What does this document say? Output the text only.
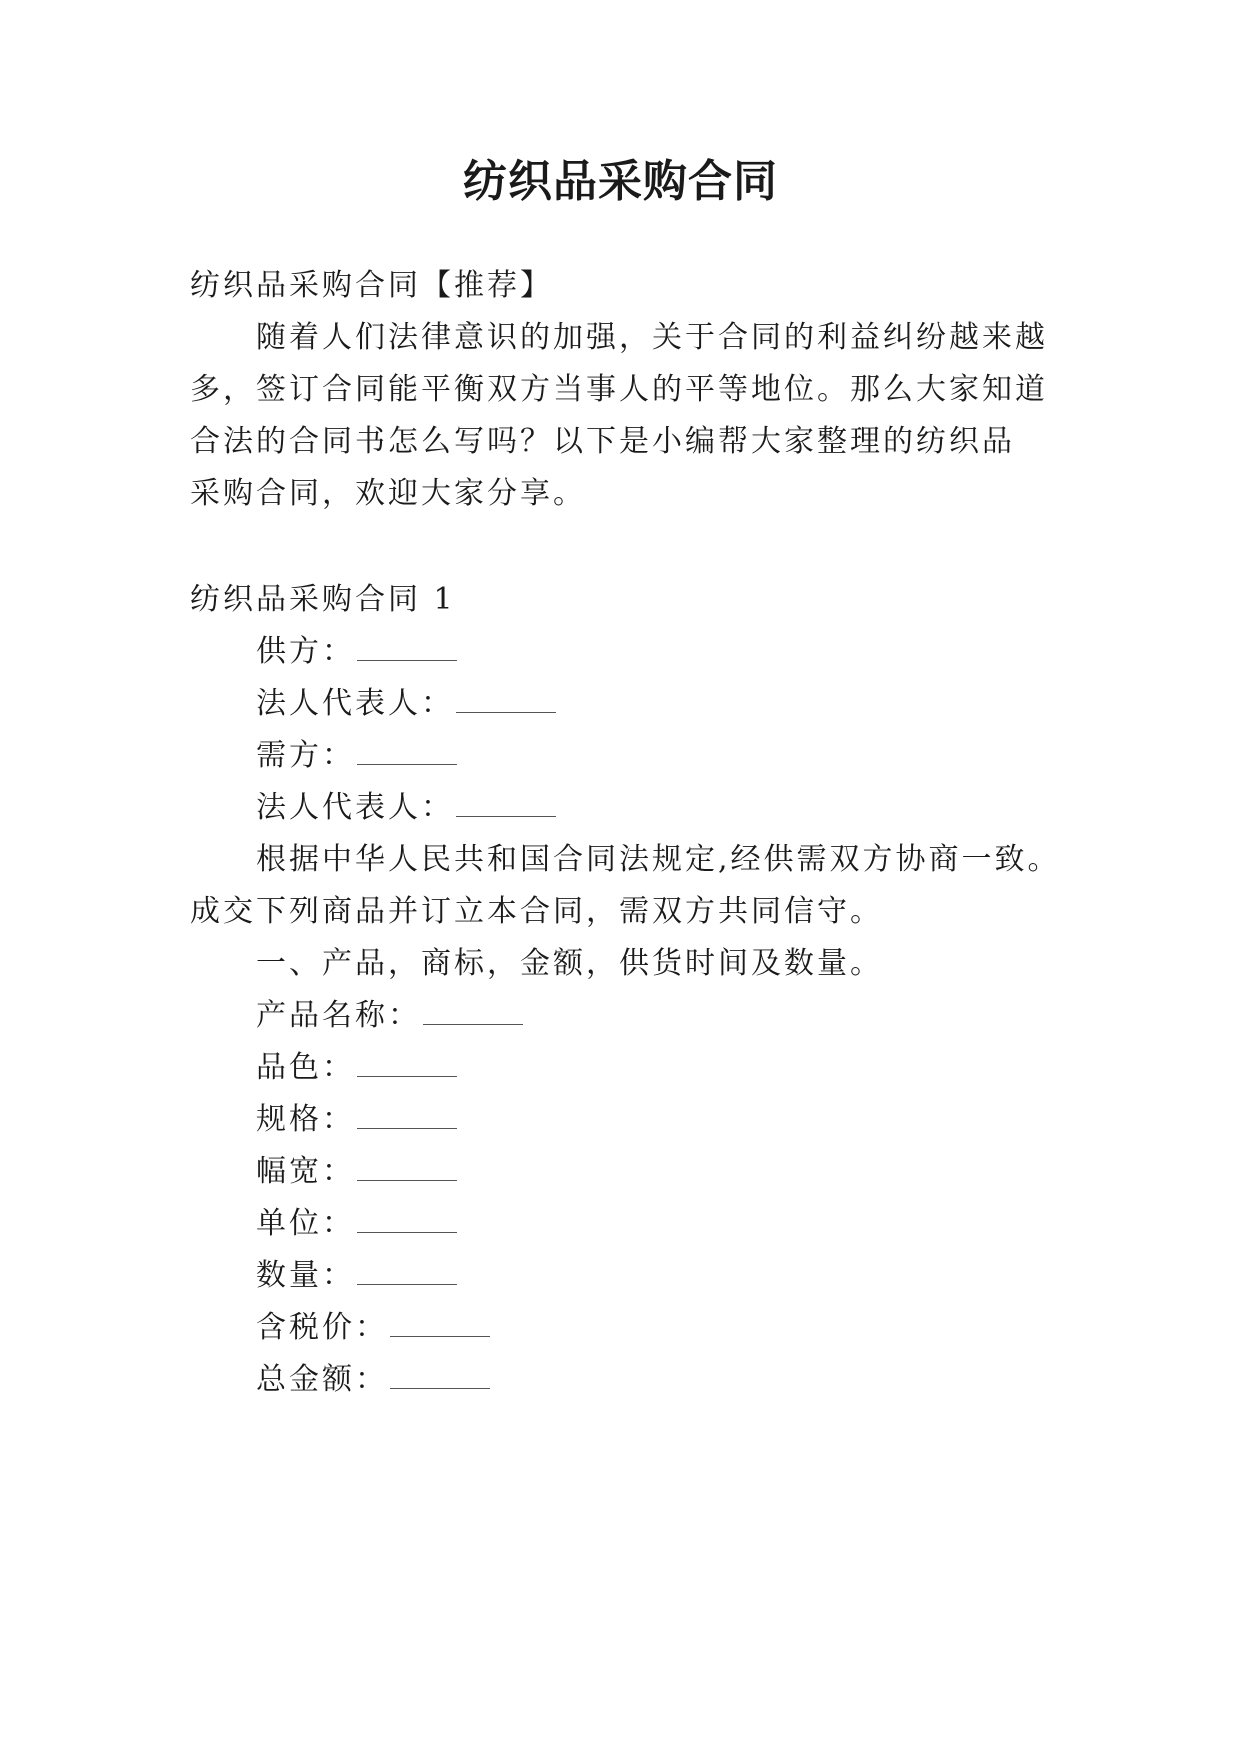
纺织品采购合同

纺织品采购合同【推荐】

随着人们法律意识的加强，关于合同的利益纠纷越来越

多，签订合同能平衡双方当事人的平等地位。那么大家知道

合法的合同书怎么写吗？以下是小编帮大家整理的纺织品

采购合同，欢迎大家分享。

纺织品采购合同 1

供方：

法人代表人：

需方：

法人代表人：

根据中华人民共和国合同法规定,经供需双方协商一致。

成交下列商品并订立本合同，需双方共同信守。

一、产品，商标，金额，供货时间及数量。

产品名称：

品色：

规格：

幅宽：

单位：

数量：

含税价：

总金额：
